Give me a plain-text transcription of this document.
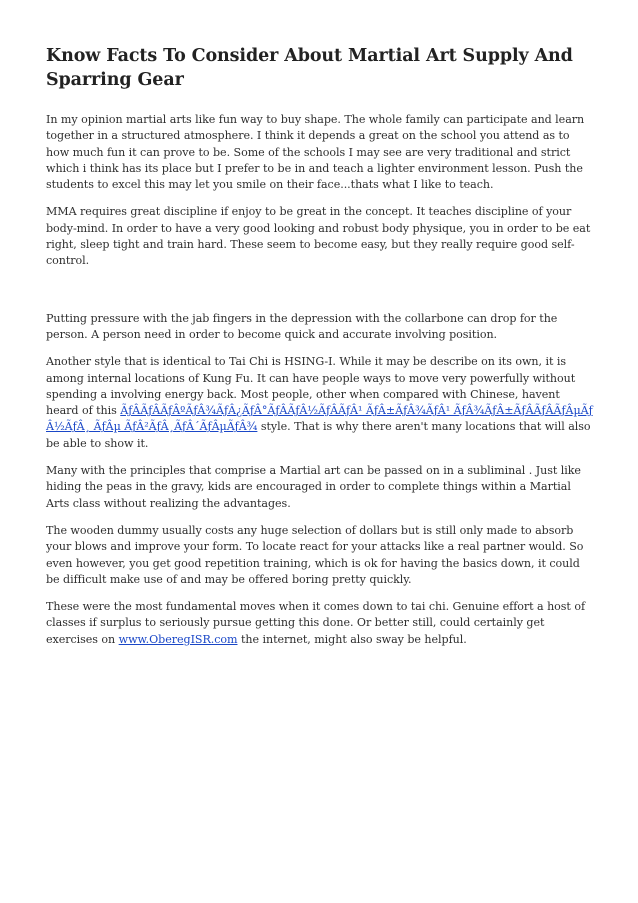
Know Facts To Consider About Martial Art Supply And Sparring Gear

In my opinion martial arts like fun way to buy shape. The whole family can participate and learn together in a structured atmosphere. I think it depends a great on the school you attend as to how much fun it can prove to be. Some of the schools I may see are very traditional and strict which i think has its place but I prefer to be in and teach a lighter environment lesson. Push the students to excel this may let you smile on their face...thats what I like to teach.

MMA requires great discipline if enjoy to be great in the concept. It teaches discipline of your body-mind. In order to have a very good looking and robust body physique, you in order to be eat right, sleep tight and train hard. These seem to become easy, but they really require good self-control.

Putting pressure with the jab fingers in the depression with the collarbone can drop for the person. A person need in order to become quick and accurate involving position.

Another style that is identical to Tai Chi is HSING-I. While it may be describe on its own, it is among internal locations of Kung Fu. It can have people ways to move very powerfully without spending a involving energy back. Most people, other when compared with Chinese, havent heard of this ÃƒÂÃƒÂÃƒÂºÃƒÂ¾ÃƒÂ¿ÃƒÂ°ÃƒÂÃƒÂ½ÃƒÂÃƒÂ¹ ÃƒÂ±ÃƒÂ¾ÃƒÂ¹ ÃƒÂ¾ÃƒÂ±ÃƒÂÃƒÂÃƒÂµÃƒÂ½ÃƒÂ¸ ÃƒÂµ ÃƒÂ²ÃƒÂ¸ÃƒÂ´ÃƒÂµÃƒÂ¾ style. That is why there aren't many locations that will also be able to show it.

Many with the principles that comprise a Martial art can be passed on in a subliminal . Just like hiding the peas in the gravy, kids are encouraged in order to complete things within a Martial Arts class without realizing the advantages.

The wooden dummy usually costs any huge selection of dollars but is still only made to absorb your blows and improve your form. To locate react for your attacks like a real partner would. So even however, you get good repetition training, which is ok for having the basics down, it could be difficult make use of and may be offered boring pretty quickly.

These were the most fundamental moves when it comes down to tai chi. Genuine effort a host of classes if surplus to seriously pursue getting this done. Or better still, could certainly get exercises on www.OberegISR.com the internet, might also sway be helpful.
